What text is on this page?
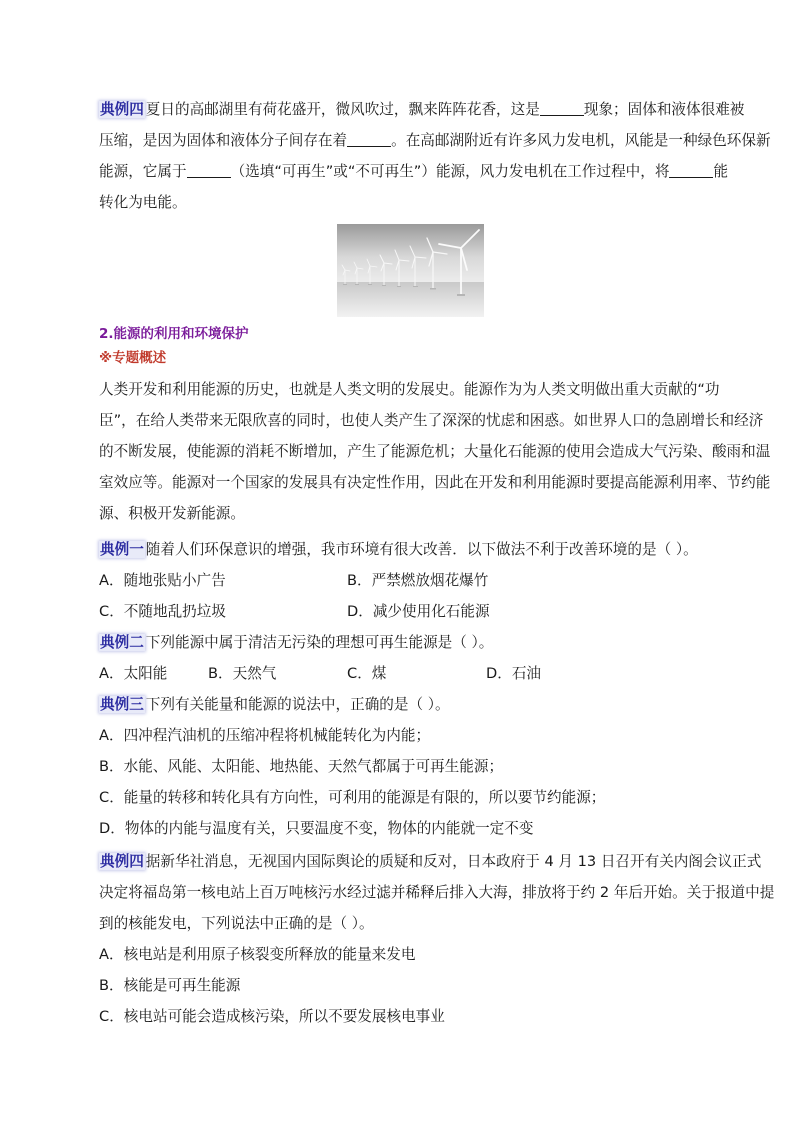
典例四 夏日的高邮湖里有荷花盛开，微风吹过，飘来阵阵花香，这是	现象；固体和液体很难被
压缩，是因为固体和液体分子间存在着	。在高邮湖附近有许多风力发电机，风能是一种绿色环保新
能源，它属于	（选填“可再生”或“不可再生”）能源，风力发电机在工作过程中，将	能
转化为电能。
2.能源的利用和环境保护
※专题概述
人类开发和利用能源的历史，也就是人类文明的发展史。能源作为为人类文明做出重大贡献的“功
臣”，在给人类带来无限欣喜的同时，也使人类产生了深深的忧虑和困惑。如世界人口的急剧增长和经济
的不断发展，使能源的消耗不断增加，产生了能源危机；大量化石能源的使用会造成大气污染、酸雨和温
室效应等。能源对一个国家的发展具有决定性作用，因此在开发和利用能源时要提高能源利用率、节约能
源、积极开发新能源。
典例一 随着人们环保意识的增强，我市环境有很大改善．以下做法不利于改善环境的是（ ）。
A．随地张贴小广告	B．严禁燃放烟花爆竹
C．不随地乱扔垃圾	D．减少使用化石能源
典例二 下列能源中属于清洁无污染的理想可再生能源是（ ）。
A．太阳能	B．天然气	C．煤	D．石油
典例三 下列有关能量和能源的说法中，正确的是（ ）。
A．四冲程汽油机的压缩冲程将机械能转化为内能；
B．水能、风能、太阳能、地热能、天然气都属于可再生能源；
C．能量的转移和转化具有方向性，可利用的能源是有限的，所以要节约能源；
D．物体的内能与温度有关，只要温度不变，物体的内能就一定不变
典例四 据新华社消息，无视国内国际舆论的质疑和反对，日本政府于 4 月 13 日召开有关内阁会议正式
决定将福岛第一核电站上百万吨核污水经过滤并稀释后排入大海，排放将于约 2 年后开始。关于报道中提
到的核能发电，下列说法中正确的是（ ）。
A．核电站是利用原子核裂变所释放的能量来发电
B．核能是可再生能源
C．核电站可能会造成核污染，所以不要发展核电事业
